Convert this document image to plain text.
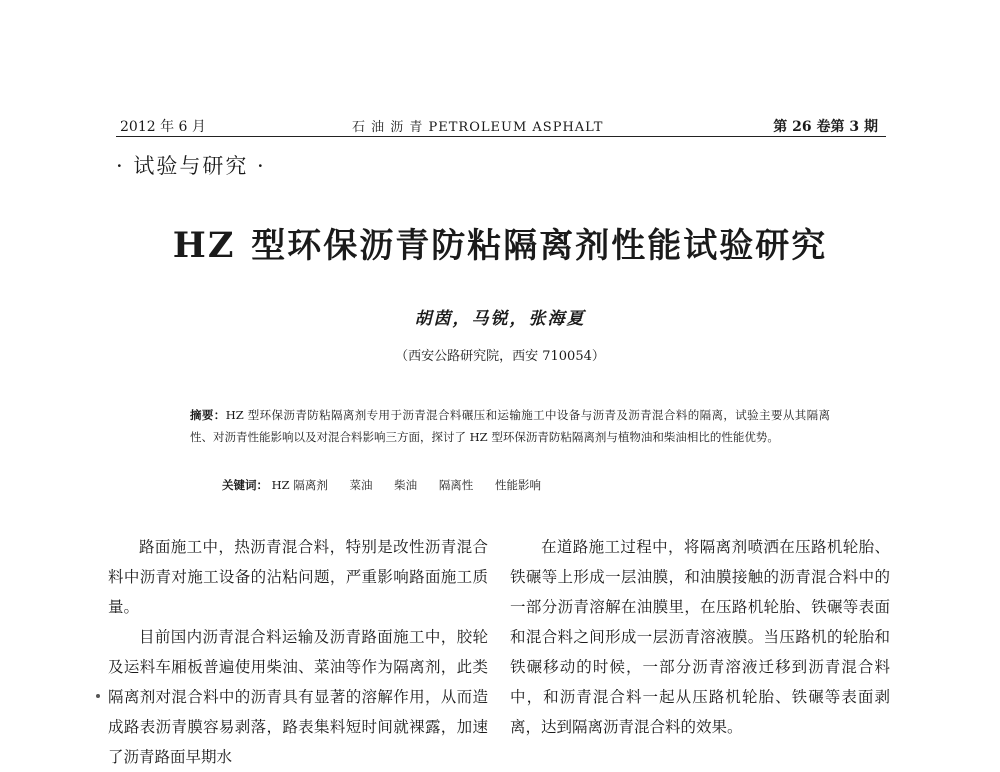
2012 年 6 月	石 油 沥 青 PETROLEUM ASPHALT	第 26 卷第 3 期
· 试验与研究 ·
HZ 型环保沥青防粘隔离剂性能试验研究
胡茵，马锐，张海夏
（西安公路研究院，西安 710054）
摘要：HZ 型环保沥青防粘隔离剂专用于沥青混合料碾压和运输施工中设备与沥青及沥青混合料的隔离，试验主要从其隔离性、对沥青性能影响以及对混合料影响三方面，探讨了 HZ 型环保沥青防粘隔离剂与植物油和柴油相比的性能优势。
关键词： HZ 隔离剂 菜油 柴油 隔离性 性能影响

路面施工中，热沥青混合料，特别是改性沥青混合料中沥青对施工设备的沾粘问题，严重影响路面施工质量。

目前国内沥青混合料运输及沥青路面施工中，胶轮及运料车厢板普遍使用柴油、菜油等作为隔离剂，此类隔离剂对混合料中的沥青具有显著的溶解作用，从而造成路表沥青膜容易剥落，路表集料短时间就裸露，加速了沥青路面早期水

在道路施工过程中，将隔离剂喷洒在压路机轮胎、铁碾等上形成一层油膜，和油膜接触的沥青混合料中的一部分沥青溶解在油膜里，在压路机轮胎、铁碾等表面和混合料之间形成一层沥青溶液膜。当压路机的轮胎和铁碾移动的时候，一部分沥青溶液迁移到沥青混合料中，和沥青混合料一起从压路机轮胎、铁碾等表面剥离，达到隔离沥青混合料的效果。
